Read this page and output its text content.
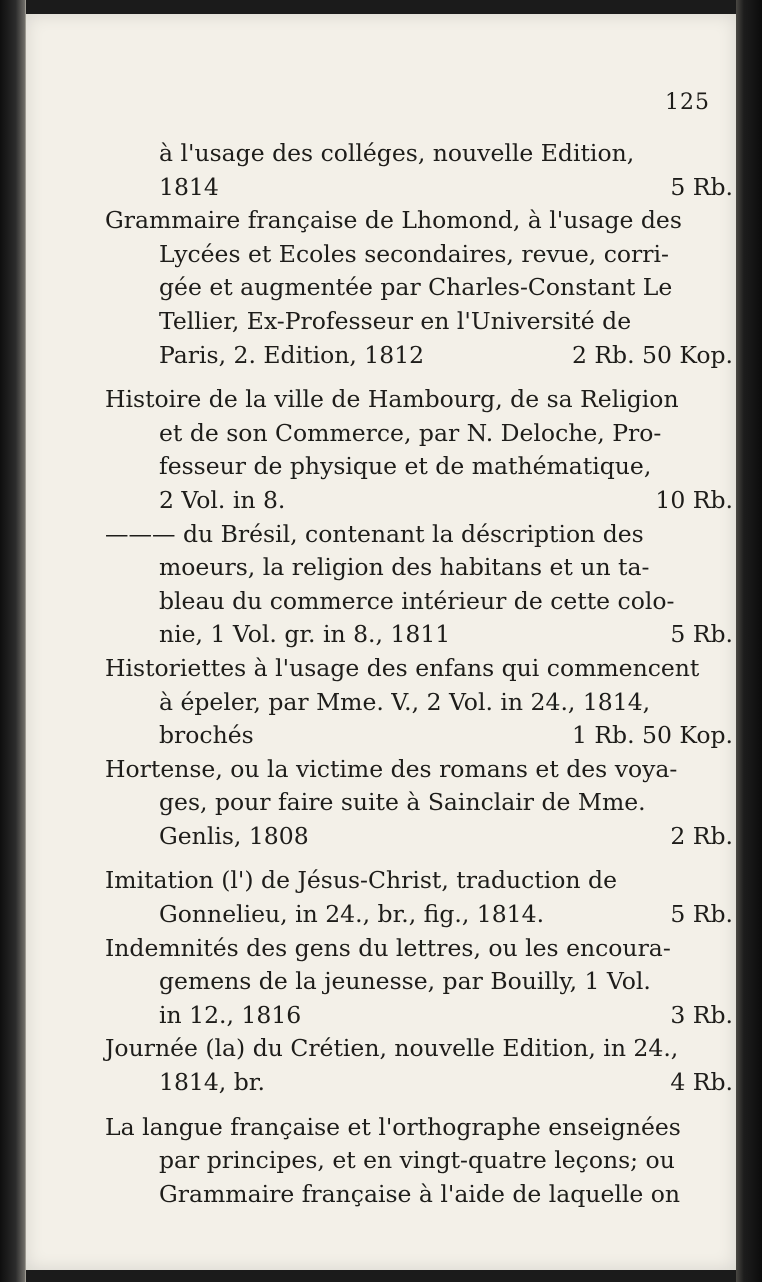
125
à l'usage des colléges, nouvelle Edition,
1814	5 Rb.
Grammaire française de Lhomond, à l'usage des
Lycées et Ecoles secondaires, revue, corri-
gée et augmentée par Charles-Constant Le
Tellier, Ex-Professeur en l'Université de
Paris, 2. Edition, 1812	2 Rb. 50 Kop.
Histoire de la ville de Hambourg, de sa Religion
et de son Commerce, par N. Deloche, Pro-
fesseur de physique et de mathématique,
2 Vol. in 8.	10 Rb.
——— du Brésil, contenant la déscription des
moeurs, la religion des habitans et un ta-
bleau du commerce intérieur de cette colo-
nie, 1 Vol. gr. in 8., 1811	5 Rb.
Historiettes à l'usage des enfans qui commencent
à épeler, par Mme. V., 2 Vol. in 24., 1814,
brochés	1 Rb. 50 Kop.
Hortense, ou la victime des romans et des voya-
ges, pour faire suite à Sainclair de Mme.
Genlis, 1808	2 Rb.
Imitation (l') de Jésus-Christ, traduction de
Gonnelieu, in 24., br., fig., 1814.	5 Rb.
Indemnités des gens du lettres, ou les encoura-
gemens de la jeunesse, par Bouilly, 1 Vol.
in 12., 1816	3 Rb.
Journée (la) du Crétien, nouvelle Edition, in 24.,
1814, br.	4 Rb.
La langue française et l'orthographe enseignées
par principes, et en vingt-quatre leçons; ou
Grammaire française à l'aide de laquelle on
